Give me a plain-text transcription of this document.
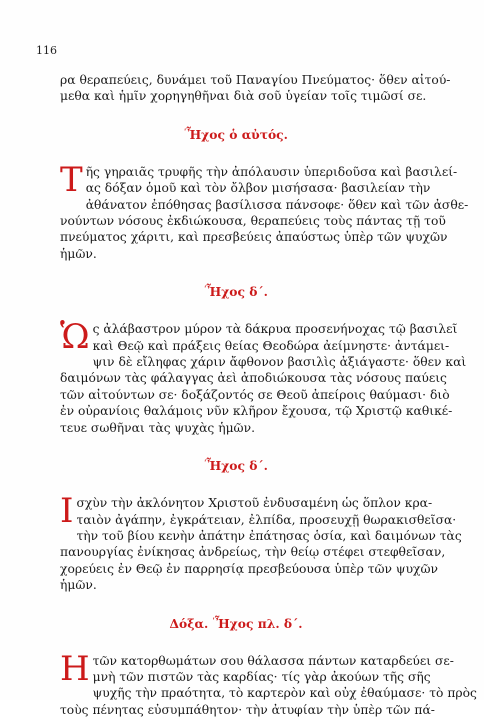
116

ρα θεραπεύεις, δυνάμει τοῦ Παναγίου Πνεύματος· ὅθεν αἰτού-
μεθα καὶ ἡμῖν χορηγηθῆναι διὰ σοῦ ὑγείαν τοῖς τιμῶσί σε.

$^ʹ$Ἦχος ὁ αὐτός.
Τ ῆς γηραιᾶς τρυφῆς τὴν ἀπόλαυσιν ὑπεριδοῦσα καὶ βασιλεί-
ας δόξαν ὁμοῦ καὶ τὸν ὄλβον μισήσασα· βασιλείαν τὴν
ἀθάνατον ἐπόθησας βασίλισσα πάνσοφε· ὅθεν καὶ τῶν ἀσθε-
νούντων νόσους ἐκδιώκουσα, θεραπεύεις τοὺς πάντας τῇ τοῦ
πνεύματος χάριτι, καὶ πρεσβεύεις ἀπαύστως ὑπὲρ τῶν ψυχῶν
ἡμῶν.

$^ʹ$Ἦχος δ΄.
Ὡ ς ἀλάβαστρον μύρον τὰ δάκρυα προσενήνοχας τῷ βασιλεῖ
καὶ Θεῷ καὶ πράξεις θείας Θεοδώρα ἀείμνηστε· ἀντάμει-
ψιν δὲ εἴληφας χάριν ἄφθονον βασιλὶς ἀξιάγαστε· ὅθεν καὶ
δαιμόνων τὰς φάλαγγας ἀεὶ ἀποδιώκουσα τὰς νόσους παύεις
τῶν αἰτούντων σε· δοξάζοντός σε Θεοῦ ἀπείροις θαύμασι· διὸ
ἐν οὐρανίοις θαλάμοις νῦν κλῆρον ἔχουσα, τῷ Χριστῷ καθικέ-
τευε σωθῆναι τὰς ψυχὰς ἡμῶν.

$^ʹ$Ἦχος δ΄.
Ι σχὺν τὴν ἀκλόνητον Χριστοῦ ἐνδυσαμένη ὡς ὅπλον κρα-
ταιὸν ἀγάπην, ἐγκράτειαν, ἐλπίδα, προσευχῇ θωρακισθεῖσα·
τὴν τοῦ βίου κενὴν ἀπάτην ἐπάτησας ὁσία, καὶ δαιμόνων τὰς
πανουργίας ἐνίκησας ἀνδρείως, τὴν θείῳ στέφει στεφθεῖσαν,
χορεύεις ἐν Θεῷ ἐν παρρησίᾳ πρεσβεύουσα ὑπὲρ τῶν ψυχῶν
ἡμῶν.

Δόξα. $^ʹ$Ἦχος πλ. δ΄.
Η τῶν κατορθωμάτων σου θάλασσα πάντων καταρδεύει σε-
μνὴ τῶν πιστῶν τὰς καρδίας· τίς γὰρ ἀκούων τῆς σῆς
ψυχῆς τὴν πραότητα, τὸ καρτερὸν καὶ οὐχ ἐθαύμασε· τὸ πρὸς
τοὺς πένητας εὐσυμπάθητον· τὴν ἀτυφίαν τὴν ὑπὲρ τῶν πά-
